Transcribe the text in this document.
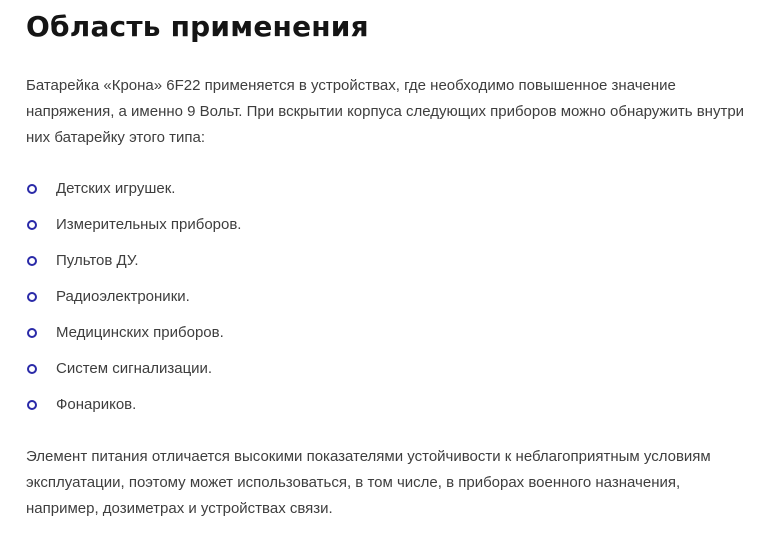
Область применения

Батарейка «Крона» 6F22 применяется в устройствах, где необходимо повышенное значение напряжения, а именно 9 Вольт. При вскрытии корпуса следующих приборов можно обнаружить внутри них батарейку этого типа:

Детских игрушек.
Измерительных приборов.
Пультов ДУ.
Радиоэлектроники.
Медицинских приборов.
Систем сигнализации.
Фонариков.

Элемент питания отличается высокими показателями устойчивости к неблагоприятным условиям эксплуатации, поэтому может использоваться, в том числе, в приборах военного назначения, например, дозиметрах и устройствах связи.
